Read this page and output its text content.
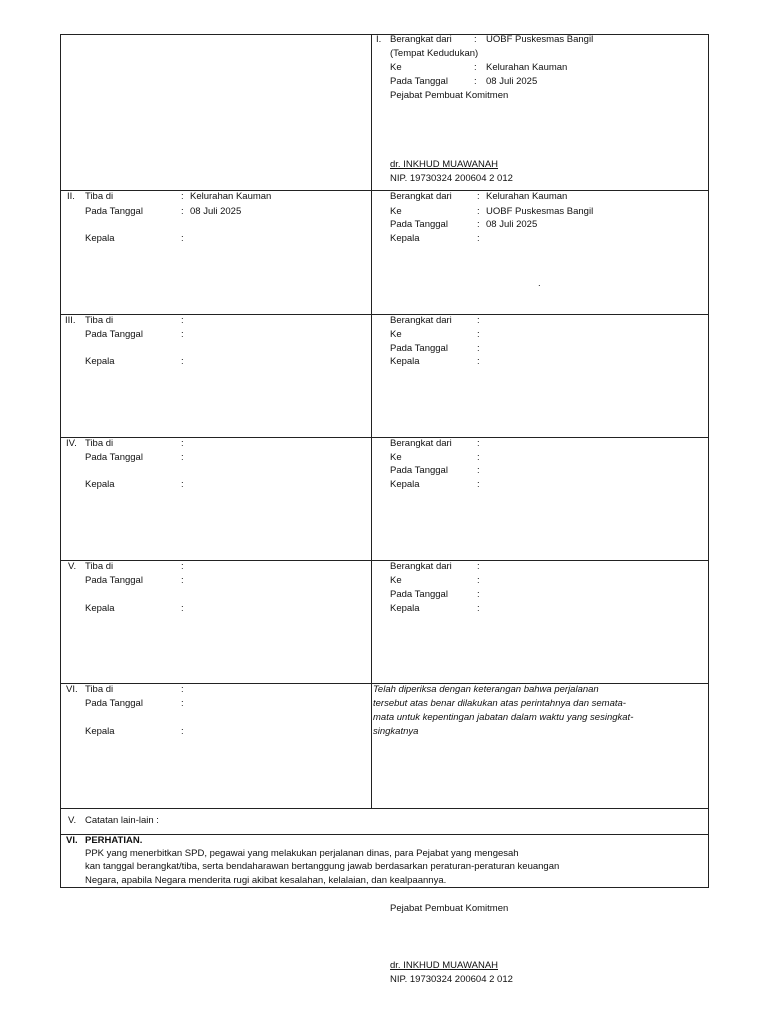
I. Berangkat dari : UOBF Puskesmas Bangil
(Tempat Kedudukan)
Ke	: Kelurahan Kauman
Pada Tanggal	: 08 Juli 2025
Pejabat Pembuat Komitmen
dr. INKHUD MUAWANAH
NIP. 19730324 200604 2 012
II. Tiba di	: Kelurahan Kauman
Pada Tanggal	: 08 Juli 2025
Kepala	:
Berangkat dari	: Kelurahan Kauman
Ke	: UOBF Puskesmas Bangil
Pada Tanggal	: 08 Juli 2025
Kepala	:
.
III. Tiba di	:
Pada Tanggal	:
Kepala	:
Berangkat dari	:
Ke	:
Pada Tanggal	:
Kepala	:
IV. Tiba di	:
Pada Tanggal	:
Kepala	:
Berangkat dari	:
Ke	:
Pada Tanggal	:
Kepala	:
V. Tiba di	:
Pada Tanggal	:
Kepala	:
Berangkat dari	:
Ke	:
Pada Tanggal	:
Kepala	:
VI. Tiba di	:
Pada Tanggal	:
Kepala	:
Telah diperiksa dengan keterangan bahwa perjalanan
tersebut atas benar dilakukan atas perintahnya dan semata-
mata untuk kepentingan jabatan dalam waktu yang sesingkat-
singkatnya
V. Catatan lain-lain :
VI. PERHATIAN.
PPK yang menerbitkan SPD, pegawai yang melakukan perjalanan dinas, para Pejabat yang mengesah
kan tanggal berangkat/tiba, serta bendaharawan bertanggung jawab berdasarkan peraturan-peraturan keuangan
Negara, apabila Negara menderita rugi akibat kesalahan, kelalaian, dan kealpaannya.
Pejabat Pembuat Komitmen
dr. INKHUD MUAWANAH
NIP. 19730324 200604 2 012
